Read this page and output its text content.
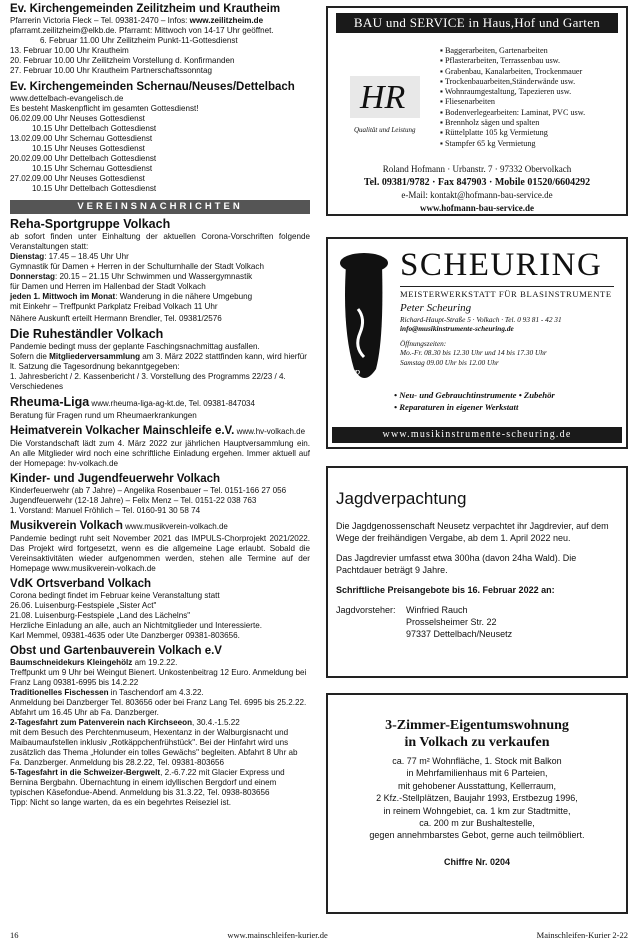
Ev. Kirchengemeinden Zeilitzheim und Krautheim

Pfarrerin Victoria Fleck – Tel. 09381-2470 – Infos: www.zeilitzheim.de

pfarramt.zeilitzheim@elkb.de. Pfarramt: Mittwoch von 14-17 Uhr geöffnet.

6. Februar 11.00 Uhr Zeilitzheim Punkt-11-Gottesdienst

13. Februar 10.00 Uhr Krautheim

20. Februar 10.00 Uhr Zeilitzheim Vorstellung d. Konfirmanden

27. Februar 10.00 Uhr Krautheim Partnerschaftssonntag

Ev. Kirchengemeinden Schernau/Neuses/Dettelbach

www.dettelbach-evangelisch.de

Es besteht Maskenpflicht im gesamten Gottesdienst!

06.02. 09.00 Uhr Neuses Gottesdienst
10.15 Uhr Dettelbach Gottesdienst
13.02. 09.00 Uhr Schernau Gottesdienst
10.15 Uhr Neuses Gottesdienst
20.02. 09.00 Uhr Dettelbach Gottesdienst
10.15 Uhr Schernau Gottesdienst
27.02. 09.00 Uhr Neuses Gottesdienst
10.15 Uhr Dettelbach Gottesdienst
VEREINSNACHRICHTEN
Reha-Sportgruppe Volkach

ab sofort finden unter Einhaltung der aktuellen Corona-Vorschriften folgende Veranstaltungen statt:

Dienstag: 17.45 – 18.45 Uhr Uhr

Gymnastik für Damen + Herren in der Schulturnhalle der Stadt Volkach

Donnerstag: 20.15 – 21.15 Uhr Schwimmen und Wassergymnastik

für Damen und Herren im Hallenbad der Stadt Volkach

jeden 1. Mittwoch im Monat: Wanderung in die nähere Umgebung

mit Einkehr – Treffpunkt Parkplatz Freibad Volkach 11 Uhr

Nähere Auskunft erteilt Hermann Brendler, Tel. 09381/2576

Die Ruheständler Volkach

Pandemie bedingt muss der geplante Faschingsnachmittag ausfallen.

Sofern die Mitgliederversammlung am 3. März 2022 stattfinden kann, wird hierfür lt. Satzung die Tagesordnung bekanntgegeben:

1. Jahresbericht / 2. Kassenbericht / 3. Vorstellung des Programms 22/23 / 4. Verschiedenes

Rheuma-Liga www.rheuma-liga-ag-kt.de, Tel. 09381-847034

Beratung für Fragen rund um Rheumaerkrankungen

Heimatverein Volkacher Mainschleife e.V. www.hv-volkach.de

Die Vorstandschaft lädt zum 4. März 2022 zur jährlichen Hauptversammlung ein. An alle Mitglieder wird noch eine schriftliche Einladung ergehen. Immer aktuell auf der Homepage: hv-volkach.de

Kinder- und Jugendfeuerwehr Volkach

Kinderfeuerwehr (ab 7 Jahre) – Angelika Rosenbauer – Tel. 0151-166 27 056

Jugendfeuerwehr (12-18 Jahre) – Felix Menz – Tel. 0151-22 038 763

1. Vorstand: Manuel Fröhlich – Tel. 0160-91 30 58 74

Musikverein Volkach www.musikverein-volkach.de

Pandemie bedingt ruht seit November 2021 das IMPULS-Chorprojekt 2021/2022. Das Projekt wird fortgesetzt, wenn es die allgemeine Lage erlaubt. Sobald die Vereinsaktivitäten wieder aufgenommen werden, stehen alle Termine auf der Homepage www.musikverein-volkach.de

VdK Ortsverband Volkach

Corona bedingt findet im Februar keine Veranstaltung statt

26.06. Luisenburg-Festspiele „Sister Act"

21.08. Luisenburg-Festspiele „Land des Lächelns"

Herzliche Einladung an alle, auch an Nichtmitglieder und Interessierte.

Karl Memmel, 09381-4635 oder Ute Danzberger 09381-803656.

Obst und Gartenbauverein Volkach e.V

Baumschneidekurs Kleingehölz am 19.2.22.

Treffpunkt um 9 Uhr bei Weingut Bienert. Unkostenbeitrag 12 Euro. Anmeldung bei Franz Lang 09381-6995 bis 14.2.22

Traditionelles Fischessen in Taschendorf am 4.3.22.

Anmeldung bei Danzberger Tel. 803656 oder bei Franz Lang Tel. 6995 bis 25.2.22. Abfahrt um 16.45 Uhr ab Fa. Danzberger.

2-Tagesfahrt zum Patenverein nach Kirchseeon, 30.4.-1.5.22

mit dem Besuch des Perchtenmuseum, Hexentanz in der Walburgisnacht und Maibaumaufstellen inklusiv „Rotkäppchenfrühstück". Bei der Hinfahrt wird uns zusätzlich das Thema „Holunder ein tolles Gewächs" begleiten. Abfahrt 8 Uhr ab Fa. Danzberger. Anmeldung bis 28.2.22, Tel. 09381-803656

5-Tagesfahrt in die Schweizer-Bergwelt, 2.-6.7.22 mit Glacier Express und Bernina Bergbahn. Übernachtung in einem idyllischen Bergdorf und einem typischen Käsefondue-Abend. Anmeldung bis 31.3.22, Tel. 0938-803656

Tipp: Nicht so lange warten, da es ein begehrtes Reiseziel ist.

BAU und SERVICE in Haus,Hof und Garten
HR
Qualität und Leistung
▪ Baggerarbeiten, Gartenarbeiten
▪ Pflasterarbeiten, Terrassenbau usw.
▪ Grabenbau, Kanalarbeiten, Trockenmauer
▪ Trockenbauarbeiten,Ständerwände usw.
▪ Wohnraumgestaltung, Tapezieren usw.
▪ Fliesenarbeiten
▪ Bodenverlegearbeiten: Laminat, PVC usw.
▪ Brennholz sägen und spalten
▪ Rüttelplatte 105 kg Vermietung
▪ Stampfer 65 kg Vermietung
Roland Hofmann · Urbanstr. 7 · 97332 Obervolkach
Tel. 09381/9782 · Fax 847903 · Mobile 01520/6604292
e-Mail: kontakt@hofmann-bau-service.de
www.hofmann-bau-service.de
P
SCHEURING
MEISTERWERKSTATT FÜR BLASINSTRUMENTE
Peter Scheuring
Richard-Haupt-Straße 5 · Volkach · Tel. 0 93 81 - 42 31
info@musikinstrumente-scheuring.de
Öffnungszeiten:
Mo.-Fr. 08.30 bis 12.30 Uhr und 14 bis 17.30 Uhr
Samstag 09.00 Uhr bis 12.00 Uhr
• Neu- und Gebrauchtinstrumente • Zubehör
• Reparaturen in eigener Werkstatt
www.musikinstrumente-scheuring.de
Jagdverpachtung

Die Jagdgenossenschaft Neusetz verpachtet ihr Jagdrevier, auf dem Wege der freihändigen Vergabe, ab dem 1. April 2022 neu.

Das Jagdrevier umfasst etwa 300ha (davon 24ha Wald). Die Pachtdauer beträgt 9 Jahre.

Schriftliche Preisangebote bis 16. Februar 2022 an:

Jagdvorsteher:	Winfried Rauch
Prosselsheimer Str. 22
97337 Dettelbach/Neusetz
3-Zimmer-Eigentumswohnung
in Volkach zu verkaufen
ca. 77 m² Wohnfläche, 1. Stock mit Balkon
in Mehrfamilienhaus mit 6 Parteien,
mit gehobener Ausstattung, Kellerraum,
2 Kfz.-Stellplätzen, Baujahr 1993, Erstbezug 1996,
in reinem Wohngebiet, ca. 1 km zur Stadtmitte,
ca. 200 m zur Bushaltestelle,
gegen annehmbarstes Gebot, gerne auch teilmöbliert.
Chiffre Nr. 0204
16	www.mainschleifen-kurier.de	Mainschleifen-Kurier 2-22
